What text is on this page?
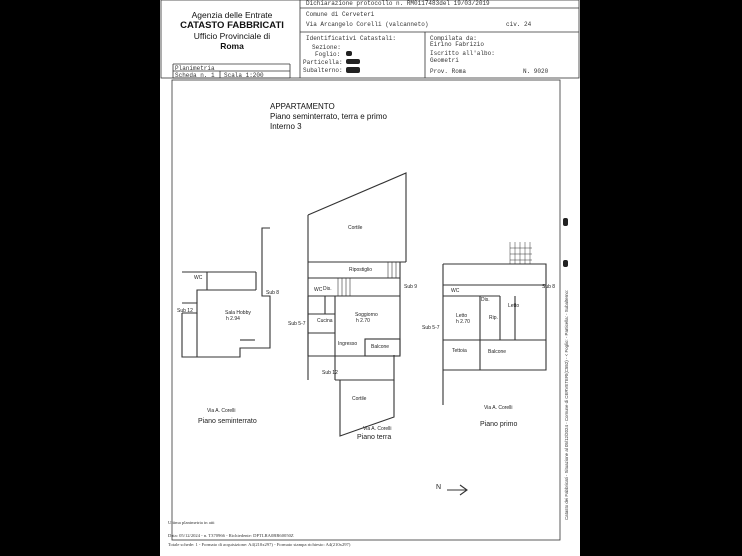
Agenzia delle Entrate
CATASTO FABBRICATI
Ufficio Provinciale di
Roma
Dichiarazione protocollo n. RM0117483del 19/03/2019
Comune di Cerveteri
Via Arcangelo Corelli (valcanneto)	civ. 24
Identificativi Catastali:
Sezione:
Foglio:
Particella:
Subalterno:
Compilata da:
Eirino Fabrizio
Iscritto all'albo:
Geometri
Prov. Roma	N. 9020
Planimetria
Scheda n. 1 Scala 1:200
APPARTAMENTO
Piano seminterrato, terra e primo
Interno 3
WC
Sala Hobby
h 2.94
Sub 8
Sub 12
Via A. Corelli
Piano seminterrato
Cortile
Ripostiglio
WC Dis.
Cucina
Soggiorno
h 2.70
Ingresso	Balcone
Sub 9
Sub 5-7
Sub 12
Cortile
Via A. Corelli
Piano terra
WC
Dis.
Letto
Letto
h 2.70
Rip.
Tettoia	Balcone
Sub 8
Sub 5-7
Via A. Corelli
Piano primo
N	Catasto dei Fabbricati - Situazione al 05/12/2024 - Comune di CERVETERI(C552) - < Foglio: - Particella: - Subalterno:
Ultima planimetria in atti
Data: 05/12/2024 - n. T370966 - Richiedente: DPTLRA0BR60050Z
Totale schede: 1 - Formato di acquisizione: A4(210x297) - Formato stampa richiesto: A4(210x297)
